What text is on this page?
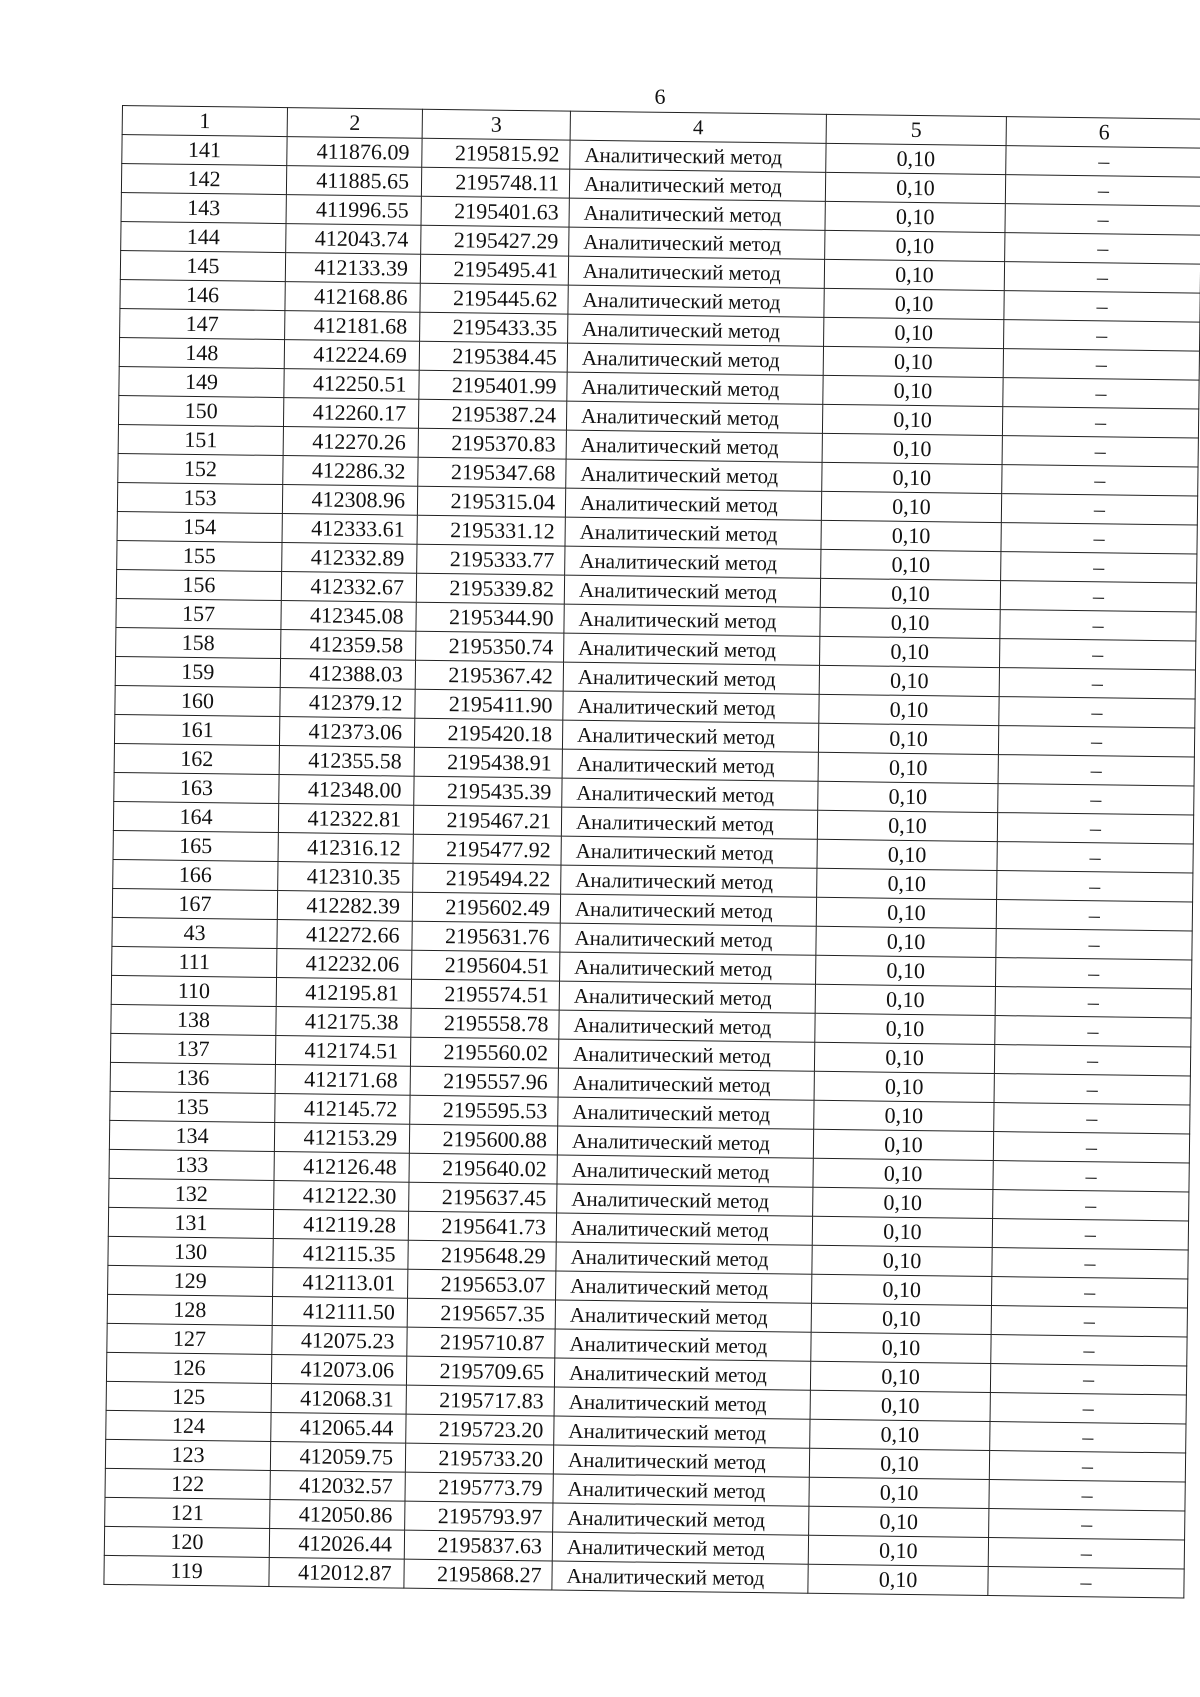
6
1	2	3	4	5	6
141	411876.09	2195815.92	Аналитический метод	0,10	–
142	411885.65	2195748.11	Аналитический метод	0,10	–
143	411996.55	2195401.63	Аналитический метод	0,10	–
144	412043.74	2195427.29	Аналитический метод	0,10	–
145	412133.39	2195495.41	Аналитический метод	0,10	–
146	412168.86	2195445.62	Аналитический метод	0,10	–
147	412181.68	2195433.35	Аналитический метод	0,10	–
148	412224.69	2195384.45	Аналитический метод	0,10	–
149	412250.51	2195401.99	Аналитический метод	0,10	–
150	412260.17	2195387.24	Аналитический метод	0,10	–
151	412270.26	2195370.83	Аналитический метод	0,10	–
152	412286.32	2195347.68	Аналитический метод	0,10	–
153	412308.96	2195315.04	Аналитический метод	0,10	–
154	412333.61	2195331.12	Аналитический метод	0,10	–
155	412332.89	2195333.77	Аналитический метод	0,10	–
156	412332.67	2195339.82	Аналитический метод	0,10	–
157	412345.08	2195344.90	Аналитический метод	0,10	–
158	412359.58	2195350.74	Аналитический метод	0,10	–
159	412388.03	2195367.42	Аналитический метод	0,10	–
160	412379.12	2195411.90	Аналитический метод	0,10	–
161	412373.06	2195420.18	Аналитический метод	0,10	–
162	412355.58	2195438.91	Аналитический метод	0,10	–
163	412348.00	2195435.39	Аналитический метод	0,10	–
164	412322.81	2195467.21	Аналитический метод	0,10	–
165	412316.12	2195477.92	Аналитический метод	0,10	–
166	412310.35	2195494.22	Аналитический метод	0,10	–
167	412282.39	2195602.49	Аналитический метод	0,10	–
43	412272.66	2195631.76	Аналитический метод	0,10	–
111	412232.06	2195604.51	Аналитический метод	0,10	–
110	412195.81	2195574.51	Аналитический метод	0,10	–
138	412175.38	2195558.78	Аналитический метод	0,10	–
137	412174.51	2195560.02	Аналитический метод	0,10	–
136	412171.68	2195557.96	Аналитический метод	0,10	–
135	412145.72	2195595.53	Аналитический метод	0,10	–
134	412153.29	2195600.88	Аналитический метод	0,10	–
133	412126.48	2195640.02	Аналитический метод	0,10	–
132	412122.30	2195637.45	Аналитический метод	0,10	–
131	412119.28	2195641.73	Аналитический метод	0,10	–
130	412115.35	2195648.29	Аналитический метод	0,10	–
129	412113.01	2195653.07	Аналитический метод	0,10	–
128	412111.50	2195657.35	Аналитический метод	0,10	–
127	412075.23	2195710.87	Аналитический метод	0,10	–
126	412073.06	2195709.65	Аналитический метод	0,10	–
125	412068.31	2195717.83	Аналитический метод	0,10	–
124	412065.44	2195723.20	Аналитический метод	0,10	–
123	412059.75	2195733.20	Аналитический метод	0,10	–
122	412032.57	2195773.79	Аналитический метод	0,10	–
121	412050.86	2195793.97	Аналитический метод	0,10	–
120	412026.44	2195837.63	Аналитический метод	0,10	–
119	412012.87	2195868.27	Аналитический метод	0,10	–
